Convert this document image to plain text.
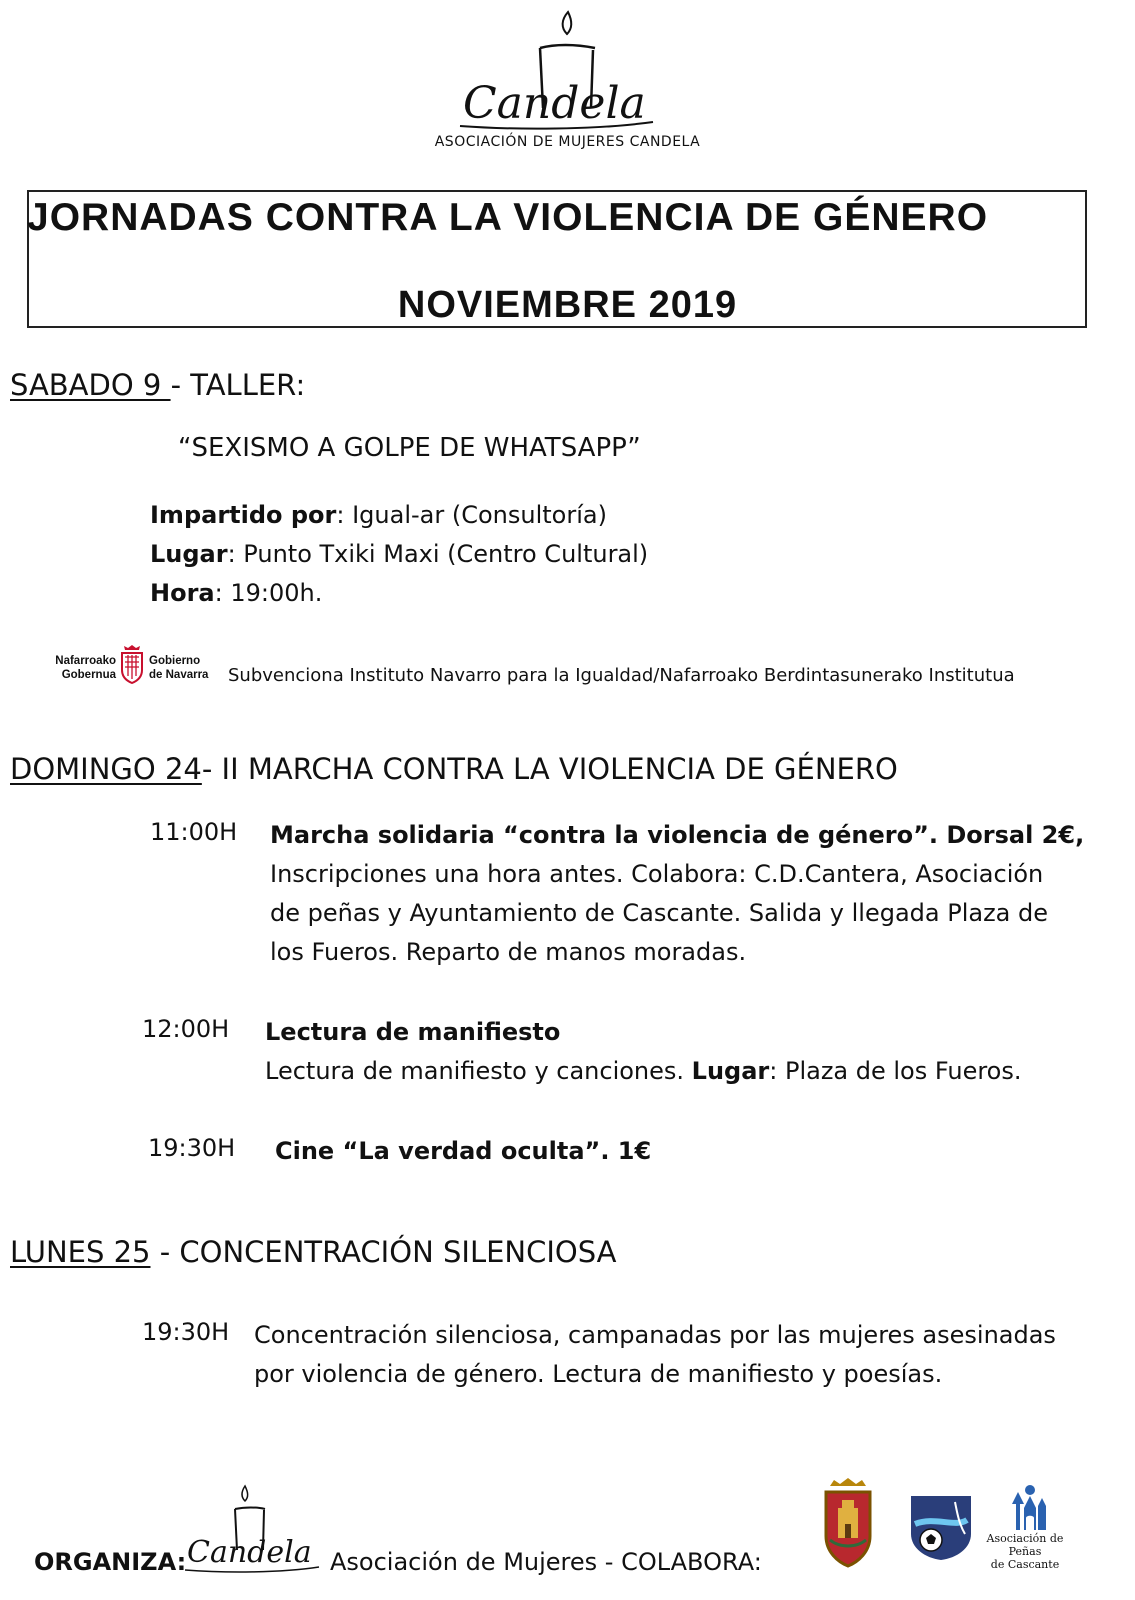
Candela
ASOCIACIÓN DE MUJERES CANDELA
JORNADAS CONTRA LA VIOLENCIA DE GÉNERO
NOVIEMBRE 2019
SABADO 9 - TALLER:
“SEXISMO A GOLPE DE WHATSAPP”
Impartido por: Igual-ar (Consultoría)
Lugar: Punto Txiki Maxi (Centro Cultural)
Hora: 19:00h.
Nafarroako
Gobernua
Gobierno
de Navarra Subvenciona Instituto Navarro para la Igualdad/Nafarroako Berdintasunerako Institutua
DOMINGO 24- II MARCHA CONTRA LA VIOLENCIA DE GÉNERO
11:00H Marcha solidaria “contra la violencia de género”. Dorsal 2€,
Inscripciones una hora antes. Colabora: C.D.Cantera, Asociación
de peñas y Ayuntamiento de Cascante. Salida y llegada Plaza de
los Fueros. Reparto de manos moradas.
12:00H Lectura de manifiesto
Lectura de manifiesto y canciones. Lugar: Plaza de los Fueros.
19:30H Cine “La verdad oculta”. 1€
LUNES 25 - CONCENTRACIÓN SILENCIOSA
19:30H Concentración silenciosa, campanadas por las mujeres asesinadas
por violencia de género. Lectura de manifiesto y poesías.
ORGANIZA: Candela Asociación de Mujeres - COLABORA:
Asociación de Peñas
de Cascante
